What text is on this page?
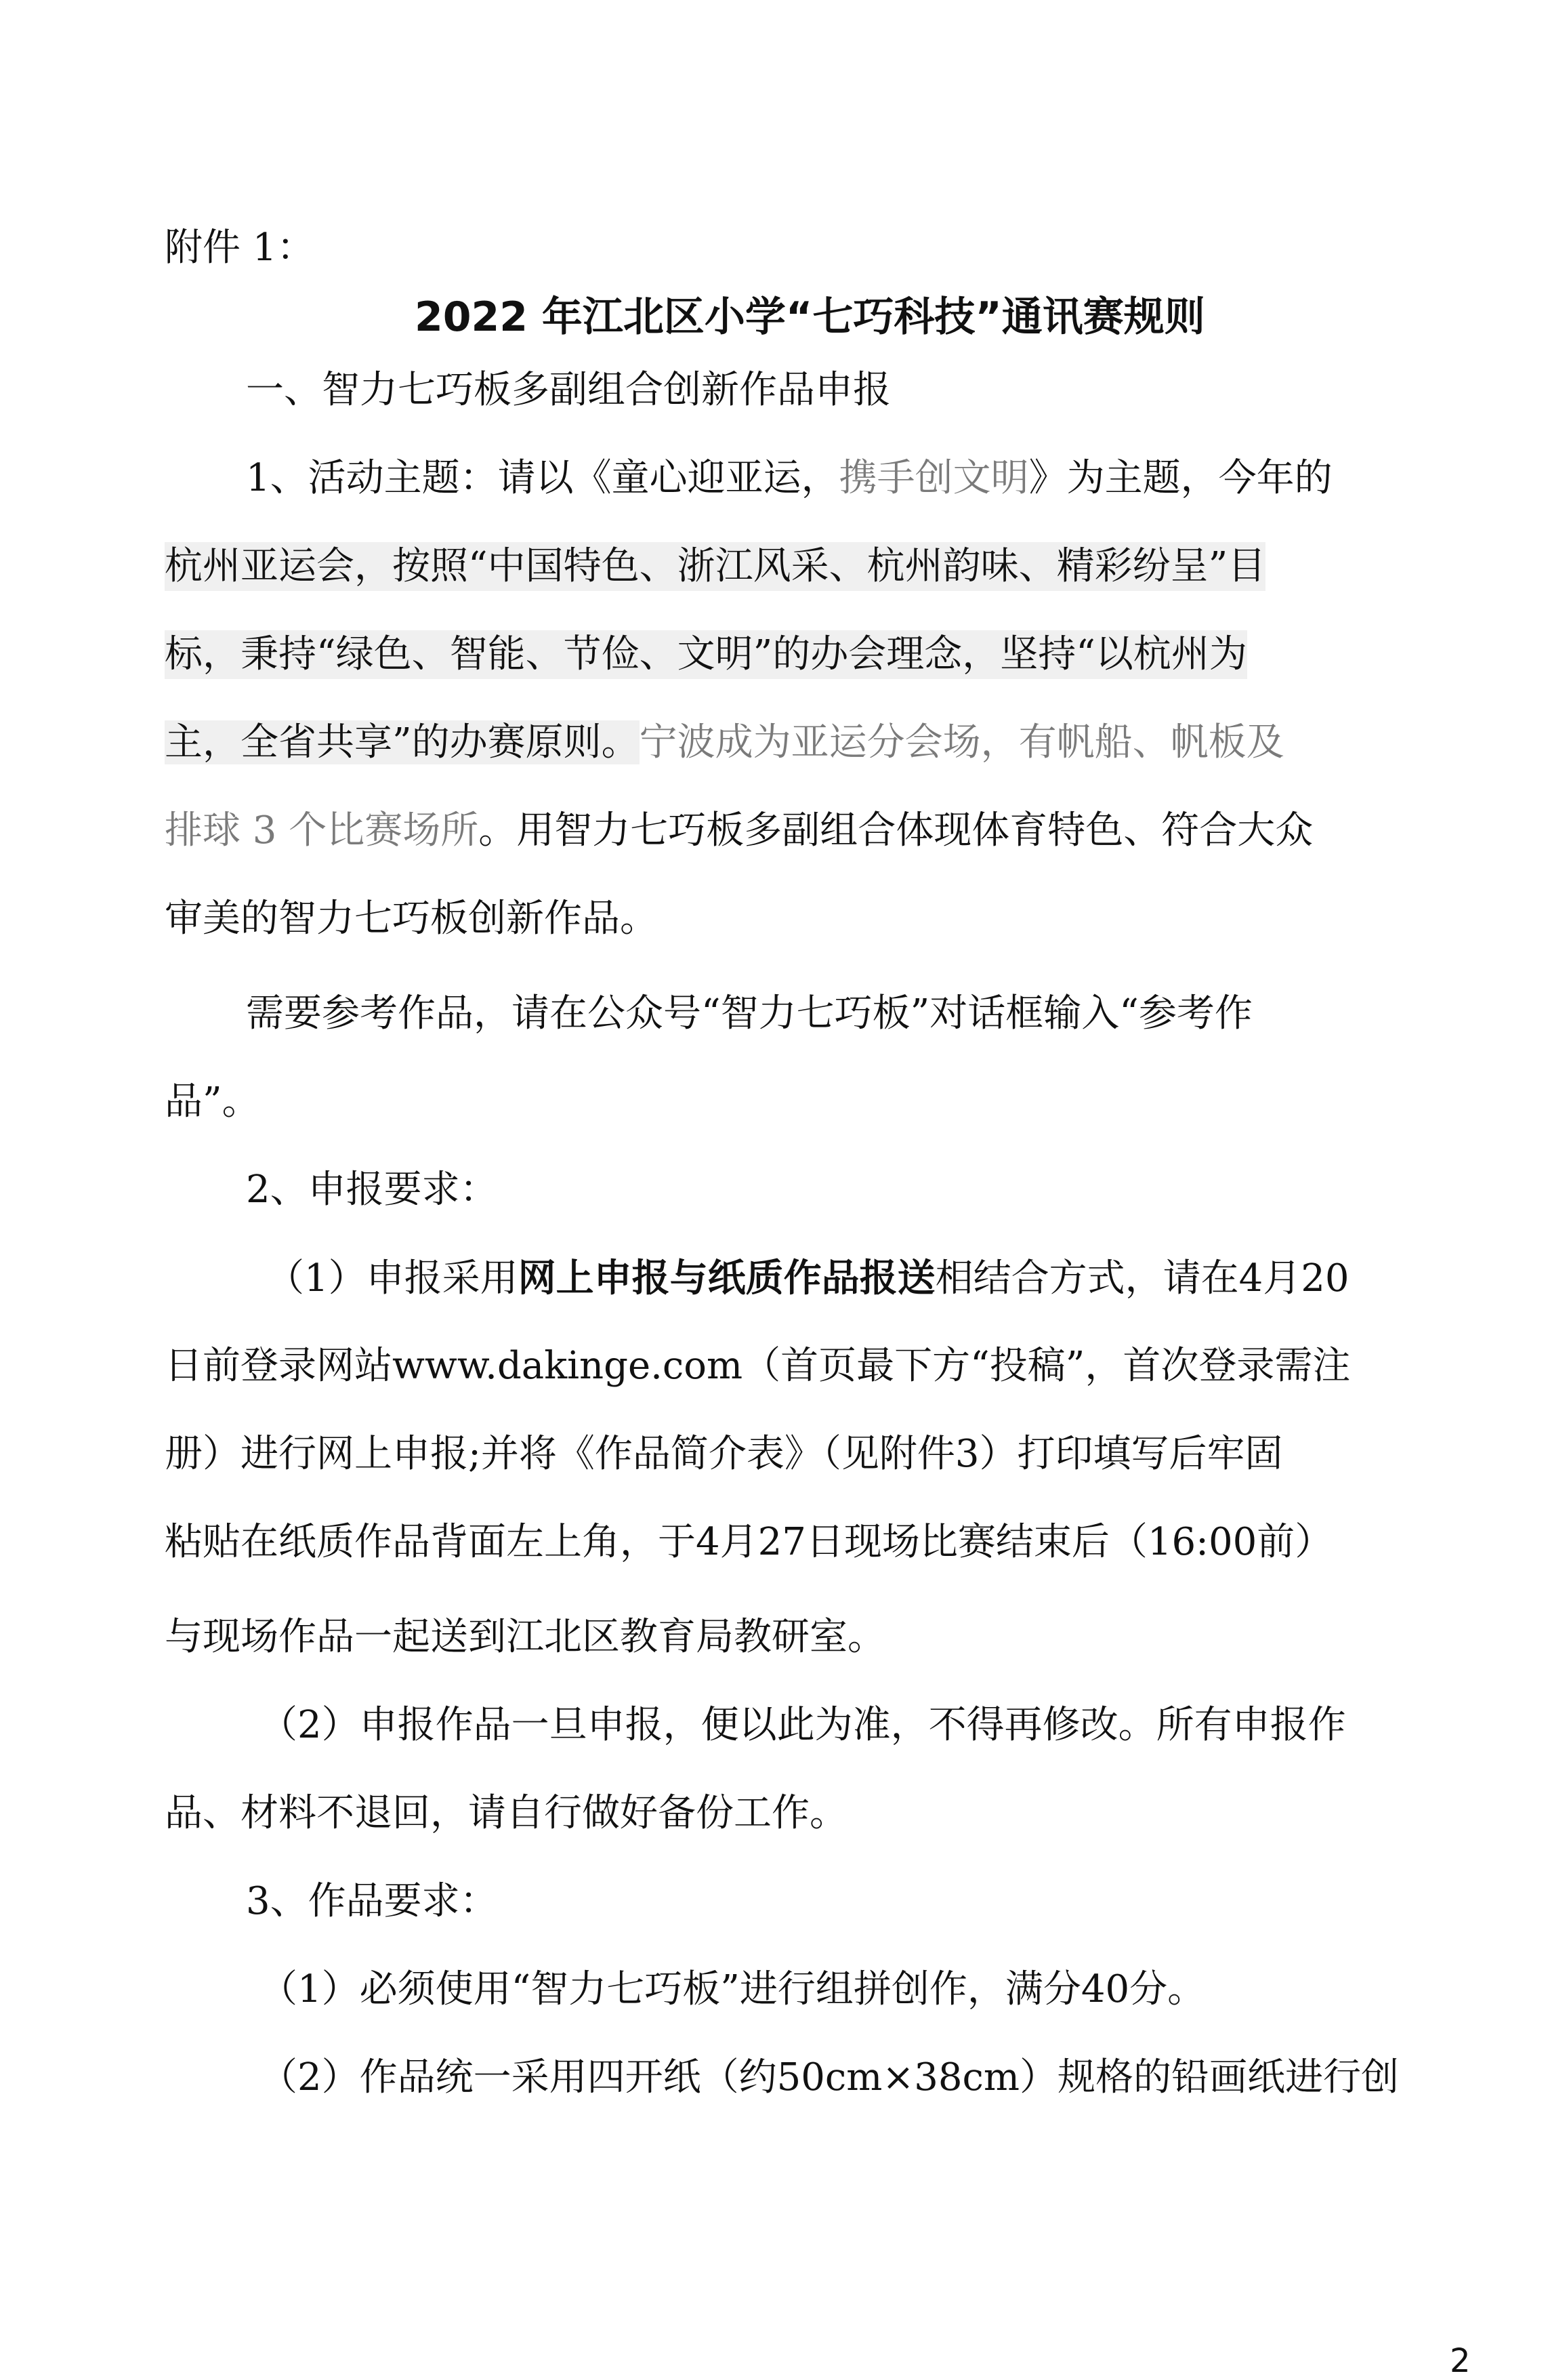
附件 1：
2022 年江北区小学“七巧科技”通讯赛规则
一、智力七巧板多副组合创新作品申报
1、活动主题：请以《童心迎亚运，携手创文明》为主题，今年的
杭州亚运会，按照“中国特色、浙江风采、杭州韵味、精彩纷呈”目
标，秉持“绿色、智能、节俭、文明”的办会理念，坚持“以杭州为
主，全省共享”的办赛原则。宁波成为亚运分会场，有帆船、帆板及
排球 3 个比赛场所。用智力七巧板多副组合体现体育特色、符合大众
审美的智力七巧板创新作品。
需要参考作品，请在公众号“智力七巧板”对话框输入“参考作
品”。
2、申报要求：
（1）申报采用网上申报与纸质作品报送相结合方式，请在4月20
日前登录网站www.dakinge.com（首页最下方“投稿”，首次登录需注
册）进行网上申报;并将《作品简介表》（见附件3）打印填写后牢固
粘贴在纸质作品背面左上角，于4月27日现场比赛结束后（16:00前）
与现场作品一起送到江北区教育局教研室。
（2）申报作品一旦申报，便以此为准，不得再修改。所有申报作
品、材料不退回，请自行做好备份工作。
3、作品要求：
（1）必须使用“智力七巧板”进行组拼创作，满分40分。
（2）作品统一采用四开纸（约50cm×38cm）规格的铅画纸进行创
2
